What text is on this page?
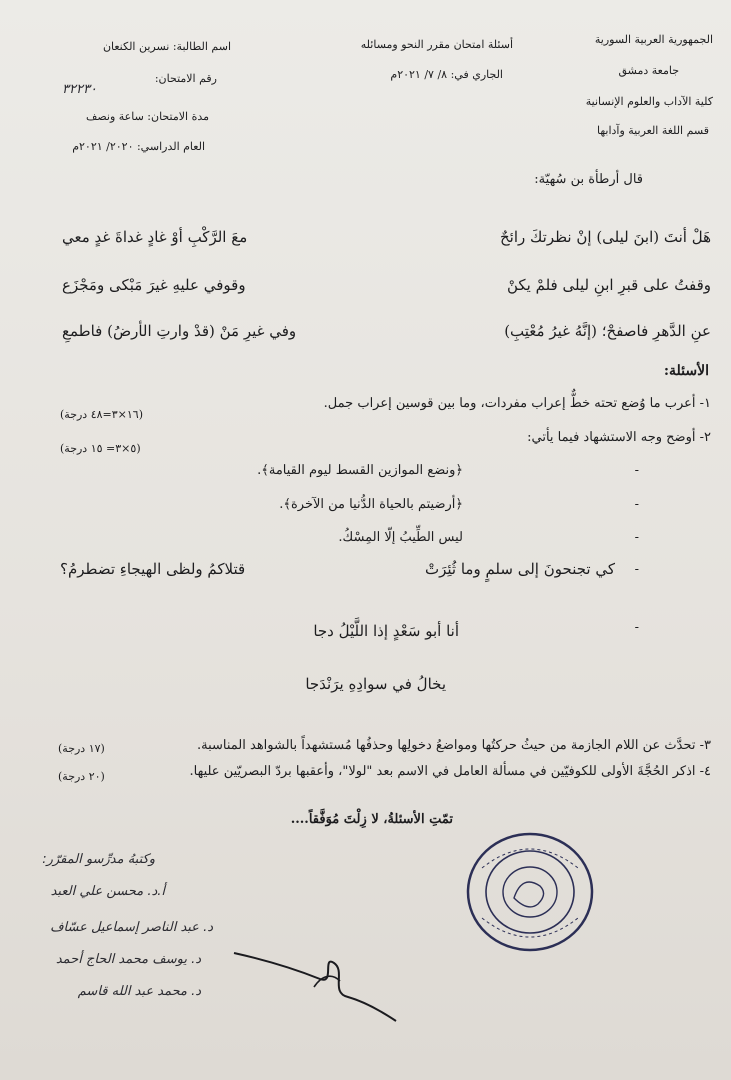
الجمهورية العربية السورية
جامعة دمشق
كلية الآداب والعلوم الإنسانية
قسم اللغة العربية وآدابها
أسئلة امتحان مقرر النحو ومسائله
الجاري في: ٨/ ٧/ ٢٠٢١م
اسم الطالبة: نسرين الكنعان
رقم الامتحان:
٣٢٢٣٠
مدة الامتحان: ساعة ونصف
العام الدراسي: ٢٠٢٠/ ٢٠٢١م
قال أرطأة بن سُهيّة:
هَلْ أنتَ (ابنَ ليلى) إنْ نظرتكَ رائحٌ
معَ الرَّكْبِ أوْ غادٍ غداةَ غدٍ معي
وقفتُ على قبرِ ابنِ ليلى فلمْ يكنْ
وقوفي عليهِ غيرَ مَبْكى ومَجْزَع
عنِ الدَّهرِ فاصفحْ؛ (إنَّهُ غيرُ مُعْتِبِ)
وفي غيرِ مَنْ (قدْ وارتِ الأرضُ) فاطمعِ
الأسئلة:
١- أعرب ما وُضع تحته خطٌّ إعراب مفردات، وما بين قوسين إعراب جمل.
(١٦×٣=٤٨ درجة)
٢- أوضح وجه الاستشهاد فيما يأتي:
(٥×٣= ١٥ درجة)
-
﴿ونضع الموازين القسط ليوم القيامة﴾.
-
﴿أرضيتم بالحياة الدُّنيا من الآخرة﴾.
-
ليس الطِّيبُ إلّا المِسْكُ.
-
كي تجنحونَ إلى سلمٍ وما ثُئِرَتْ
قتلاكمُ ولظى الهيجاءِ تضطرمُ؟
-
أنا أبو سَعْدٍ إذا اللَّيْلُ دجا
يخالُ في سوادِهِ يرَنْدَجا
٣- تحدَّث عن اللام الجازمة من حيثُ حركتُها ومواضعُ دخولِها وحذفُها مُستشهداً بالشواهد المناسبة.
(١٧ درجة)
٤- اذكر الحُجَّةَ الأولى للكوفيّين في مسألة العامل في الاسم بعد "لولا"، وأعقبها بردّ البصريّين عليها.
(٢٠ درجة)
تمّتِ الأسئلةُ، لا زِلْتَ مُوَفَّقاً....
وكتبهُ مدرِّسو المقرّر:
أ.د. محسن علي العبد
د. عبد الناصر إسماعيل عسّاف
د. يوسف محمد الحاج أحمد
د. محمد عبد الله قاسم
